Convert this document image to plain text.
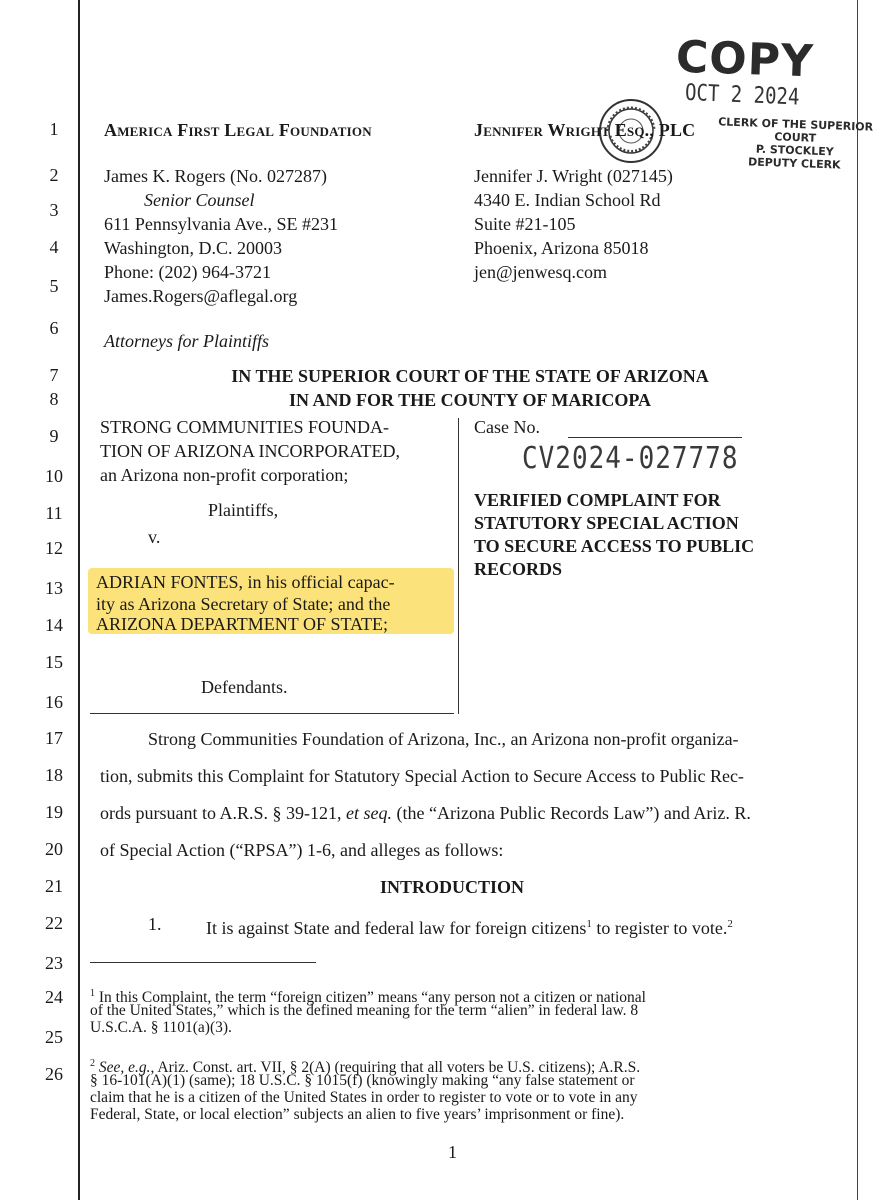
1
2
3
4
5
6
7
8
9
10
11
12
13
14
15
16
17
18
19
20
21
22
23
24
25
26
COPY
OCT 2 2024
CLERK OF THE SUPERIOR COURT
P. STOCKLEY
DEPUTY CLERK
America First Legal Foundation
James K. Rogers (No. 027287)
Senior Counsel
611 Pennsylvania Ave., SE #231
Washington, D.C. 20003
Phone: (202) 964-3721
James.Rogers@aflegal.org
Jennifer Wright Esq., PLC
Jennifer J. Wright (027145)
4340 E. Indian School Rd
Suite #21-105
Phoenix, Arizona 85018
jen@jenwesq.com
Attorneys for Plaintiffs
IN THE SUPERIOR COURT OF THE STATE OF ARIZONA
IN AND FOR THE COUNTY OF MARICOPA
STRONG COMMUNITIES FOUNDA-
TION OF ARIZONA INCORPORATED,
an Arizona non-profit corporation;
Plaintiffs,
v.
ADRIAN FONTES, in his official capac-
ity as Arizona Secretary of State; and the
ARIZONA DEPARTMENT OF STATE;
Defendants.
Case No.
CV2024-027778
VERIFIED COMPLAINT FOR
STATUTORY SPECIAL ACTION
TO SECURE ACCESS TO PUBLIC
RECORDS
Strong Communities Foundation of Arizona, Inc., an Arizona non-profit organiza-
tion, submits this Complaint for Statutory Special Action to Secure Access to Public Rec-
ords pursuant to A.R.S. § 39-121, et seq. (the “Arizona Public Records Law”) and Ariz. R.
of Special Action (“RPSA”) 1-6, and alleges as follows:
INTRODUCTION
1. It is against State and federal law for foreign citizens$^1$ to register to vote.$^2$
$^1$ In this Complaint, the term “foreign citizen” means “any person not a citizen or national
of the United States,” which is the defined meaning for the term “alien” in federal law. 8
U.S.C.A. § 1101(a)(3).
$^2$ See, e.g., Ariz. Const. art. VII, § 2(A) (requiring that all voters be U.S. citizens); A.R.S.
§ 16-101(A)(1) (same); 18 U.S.C. § 1015(f) (knowingly making “any false statement or
claim that he is a citizen of the United States in order to register to vote or to vote in any
Federal, State, or local election” subjects an alien to five years’ imprisonment or fine).
1
